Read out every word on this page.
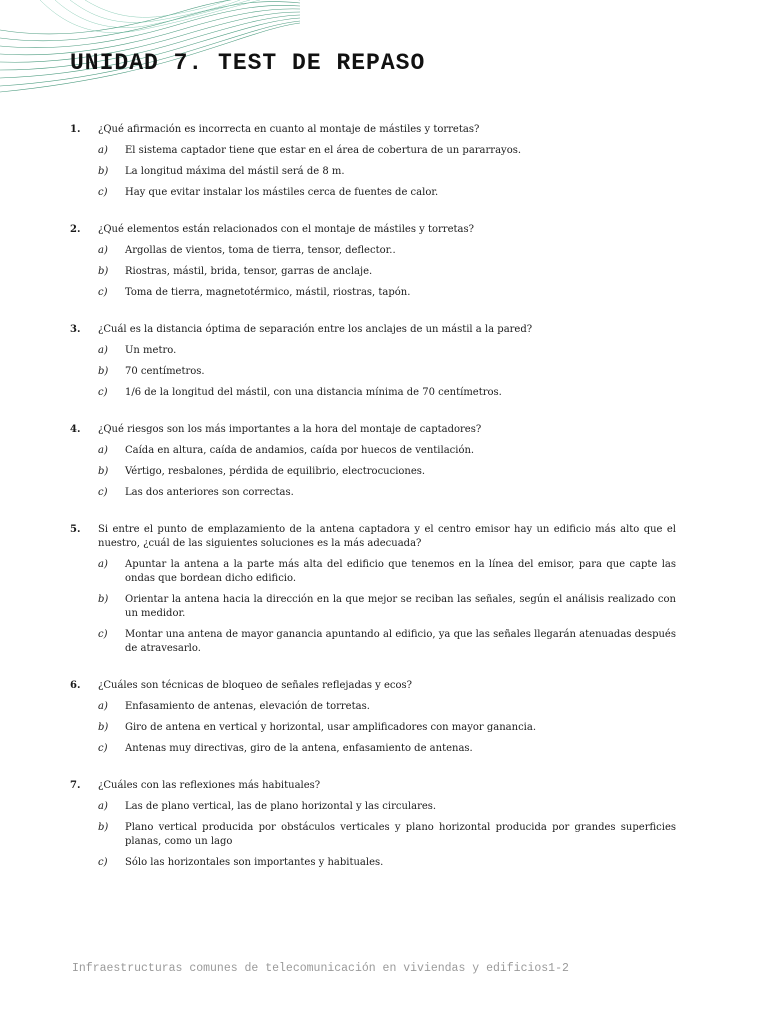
UNIDAD 7. TEST DE REPASO
1.	¿Qué afirmación es incorrecta en cuanto al montaje de mástiles y torretas?
a)	El sistema captador tiene que estar en el área de cobertura de un pararrayos.
b)	La longitud máxima del mástil será de 8 m.
c)	Hay que evitar instalar los mástiles cerca de fuentes de calor.
2.	¿Qué elementos están relacionados con el montaje de mástiles y torretas?
a)	Argollas de vientos, toma de tierra, tensor, deflector..
b)	Riostras, mástil, brida, tensor, garras de anclaje.
c)	Toma de tierra, magnetotérmico, mástil, riostras, tapón.
3.	¿Cuál es la distancia óptima de separación entre los anclajes de un mástil a la pared?
a)	Un metro.
b)	70 centímetros.
c)	1/6 de la longitud del mástil, con una distancia mínima de 70 centímetros.
4.	¿Qué riesgos son los más importantes a la hora del montaje de captadores?
a)	Caída en altura, caída de andamios, caída por huecos de ventilación.
b)	Vértigo, resbalones, pérdida de equilibrio, electrocuciones.
c)	Las dos anteriores son correctas.
5.	Si entre el punto de emplazamiento de la antena captadora y el centro emisor hay un edificio más alto que el nuestro, ¿cuál de las siguientes soluciones es la más adecuada?
a)	Apuntar la antena a la parte más alta del edificio que tenemos en la línea del emisor, para que capte las ondas que bordean dicho edificio.
b)	Orientar la antena hacia la dirección en la que mejor se reciban las señales, según el análisis realizado con un medidor.
c)	Montar una antena de mayor ganancia apuntando al edificio, ya que las señales llegarán atenuadas después de atravesarlo.
6.	¿Cuáles son técnicas de bloqueo de señales reflejadas y ecos?
a)	Enfasamiento de antenas, elevación de torretas.
b)	Giro de antena en vertical y horizontal, usar amplificadores con mayor ganancia.
c)	Antenas muy directivas, giro de la antena, enfasamiento de antenas.
7.	¿Cuáles con las reflexiones más habituales?
a)	Las de plano vertical, las de plano horizontal y las circulares.
b)	Plano vertical producida por obstáculos verticales y plano horizontal producida por grandes superficies planas, como un lago
c)	Sólo las horizontales son importantes y habituales.
Infraestructuras comunes de telecomunicación en viviendas y edificios1-2
